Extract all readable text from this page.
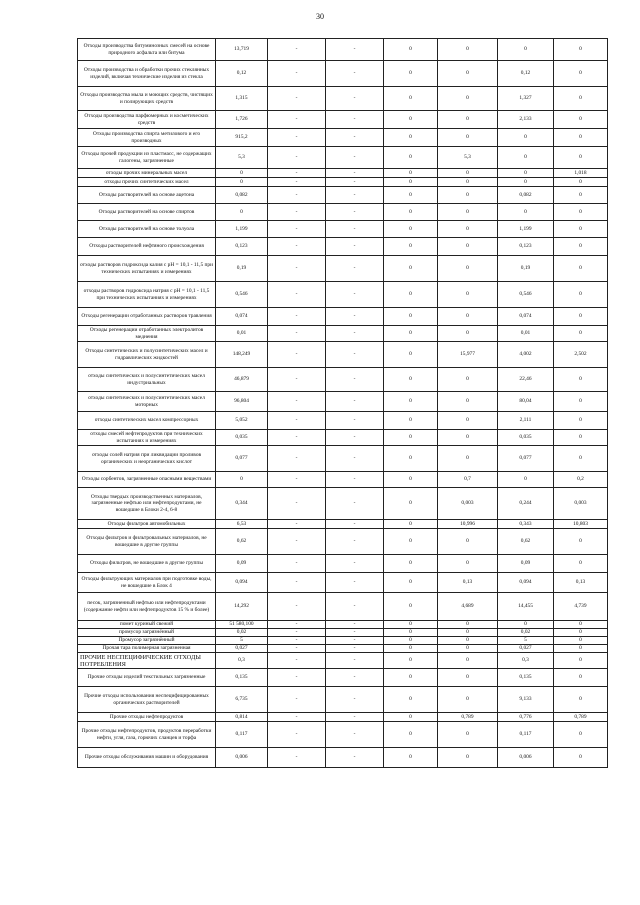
30
Отходы производства битуминозных смесей на основе природного асфальта или битума	13,719	-	-	0	0	0	0
Отходы производства и обработки прочих стеклянных изделий, включая технические изделия из стекла	0,12	-	-	0	0	0,12	0
Отходы производства мыла и моющих средств, чистящих и полирующих средств	1,315	-	-	0	0	1,327	0
Отходы производства парфюмерных и косметических средств	1,726	-	-	0	0	2,133	0
Отходы производства спирта метилового и его производных	915,2	-	-	0	0	0	0
Отходы прочей продукции из пластмасс, не содержащих галогены, загрязненные	5,3	-	-	0	5,3	0	0
отходы прочих минеральных масел	0	-	-	0	0	0	1,018
отходы прочих синтетических масел	0	-	-	0	0	0	0
Отходы растворителей на основе ацетона	0,082	-	-	0	0	0,082	0
Отходы растворителей на основе спиртов	0	-	-	0	0	0	0
Отходы растворителей на основе толуола	1,199	-	-	0	0	1,199	0
Отходы растворителей нефтяного происхождения	0,123	-	-	0	0	0,123	0
отходы растворов гидроксида калия с pH = 10,1 - 11,5 при технических испытаниях и измерениях	0,19	-	-	0	0	0,19	0
отходы растворов гидроксида натрия с pH = 10,1 - 11,5 при технических испытаниях и измерениях	0,546	-	-	0	0	0,546	0
Отходы регенерации отработанных растворов травления	0,074	-	-	0	0	0,074	0
Отходы регенерации отработанных электролитов меднения	0,01	-	-	0	0	0,01	0
Отходы синтетических и полусинтетических масел и гидравлических жидкостей	148,249	-	-	0	15,977	4,002	2,502
отходы синтетических и полусинтетических масел индустриальных	46,879	-	-	0	0	22,46	0
отходы синтетических и полусинтетических масел моторных	96,804	-	-	0	0	80,04	0
отходы синтетических масел компрессорных	5,052	-	-	0	0	2,111	0
отходы смесей нефтепродуктов при технических испытаниях и измерениях	0,035	-	-	0	0	0,035	0
отходы солей натрия при ликвидации проливов органических и неорганических кислот	0,077	-	-	0	0	0,077	0
Отходы сорбентов, загрязненные опасными веществами	0	-	-	0	0,7	0	0,2
Отходы твердых производственных материалов, загрязненные нефтью или нефтепродуктами, не вошедшие в Блоки 2-4, 6-8	0,344	-	-	0	0,003	0,244	0,003
Отходы фильтров автомобильных	6,53	-	-	0	10,996	0,343	10,803
Отходы фильтров и фильтровальных материалов, не вошедшие в другие группы	0,62	-	-	0	0	0,62	0
Отходы фильтров, не вошедшие в другие группы	0,09	-	-	0	0	0,09	0
Отходы фильтрующих материалов при подготовке воды, не вошедшие в Блок 4	0,094	-	-	0	0,13	0,094	0,13
песок, загрязненный нефтью или нефтепродуктами (содержание нефти или нефтепродуктов 15 % и более)	14,292	-	-	0	4,689	14,455	4,739
помет куриный свежий	51 580,100	-	-	0	0	0	0
промусор загрязнённый	0,02	-	-	0	0	0,02	0
Промусор загрязнённый	5	-	-	0	0	5	0
Прочая тара полимерная загрязненная	0,027	-	-	0	0	0,027	0
ПРОЧИЕ НЕСПЕЦИФИЧЕСКИЕ ОТХОДЫ ПОТРЕБЛЕНИЯ	0,3	-	-	0	0	0,3	0
Прочие отходы изделий текстильных загрязненные	0,135	-	-	0	0	0,135	0
Прочие отходы использования неспецифицированных органических растворителей	6,735	-	-	0	0	9,133	0
Прочие отходы нефтепродуктов	0,814	-	-	0	0,789	0,776	0,789
Прочие отходы нефтепродуктов, продуктов переработки нефти, угля, газа, горючих сланцев и торфа	0,117	-	-	0	0	0,117	0
Прочие отходы обслуживания машин и оборудования	0,006	-	-	0	0	0,006	0
